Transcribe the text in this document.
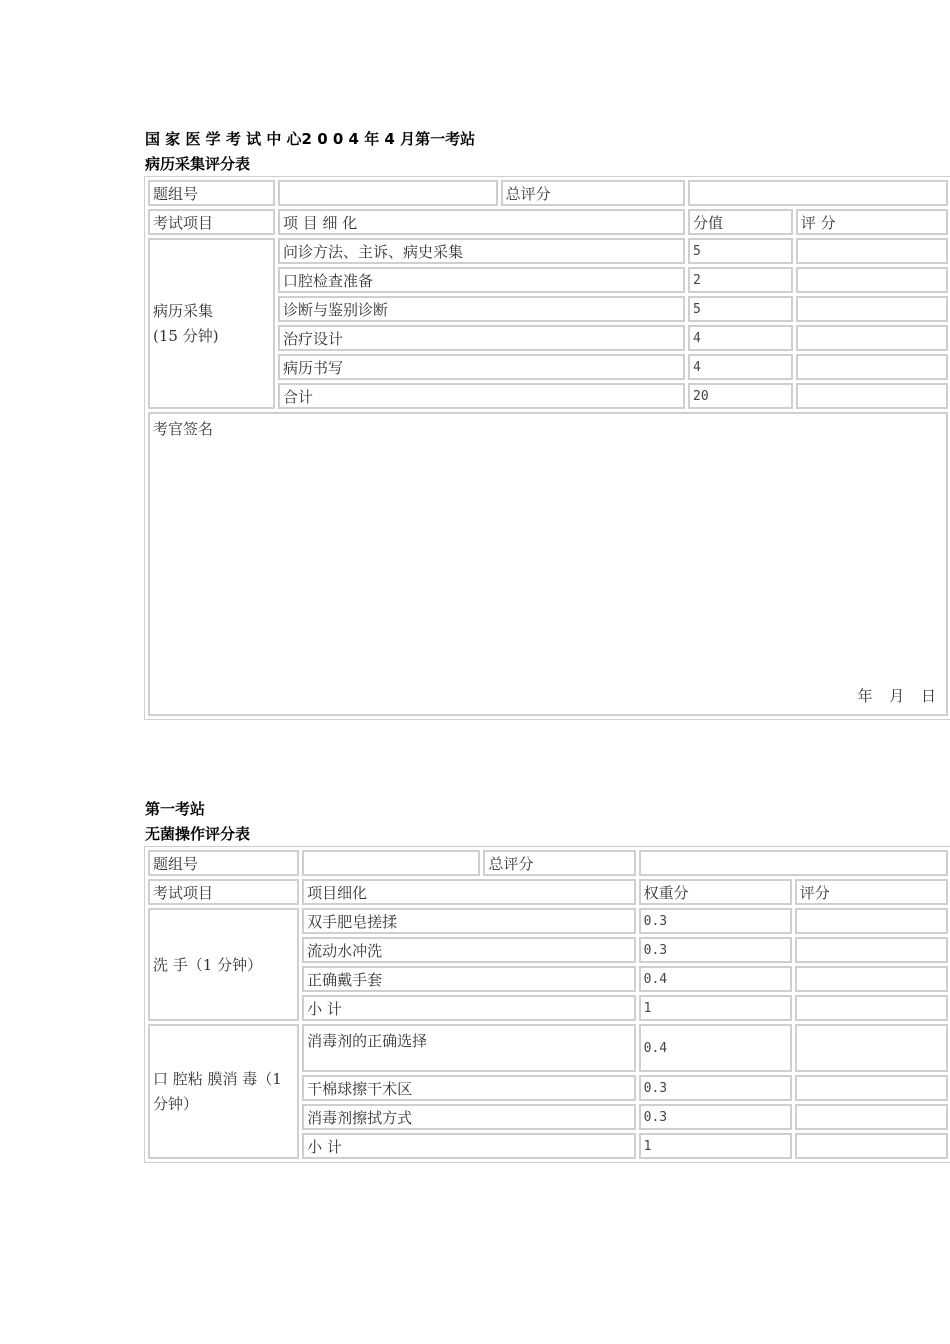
国 家 医 学 考 试 中 心2 0 0 4 年 4 月第一考站
病历采集评分表
题组号		总评分		
考试项目	项 目 细 化		分值	评 分

病历采集
(15 分钟)	问诊方法、主诉、病史采集		5	
	口腔检查准备		2	
	诊断与鉴别诊断		5	
	治疗设计		4	
	病历书写		4	
	合计		20	

考官签名
年 月 日				
第一考站
无菌操作评分表
题组号		总评分		
考试项目	项目细化		权重分	评分
洗 手（1 分钟）	双手肥皂搓揉		0.3	
	流动水冲洗		0.3	
	正确戴手套		0.4	
	小 计		1	
口 腔粘 膜消 毒（1 分钟）	消毒剂的正确选择		0.4	
	干棉球擦干术区		0.3	
	消毒剂擦拭方式		0.3	
	小 计		1	
